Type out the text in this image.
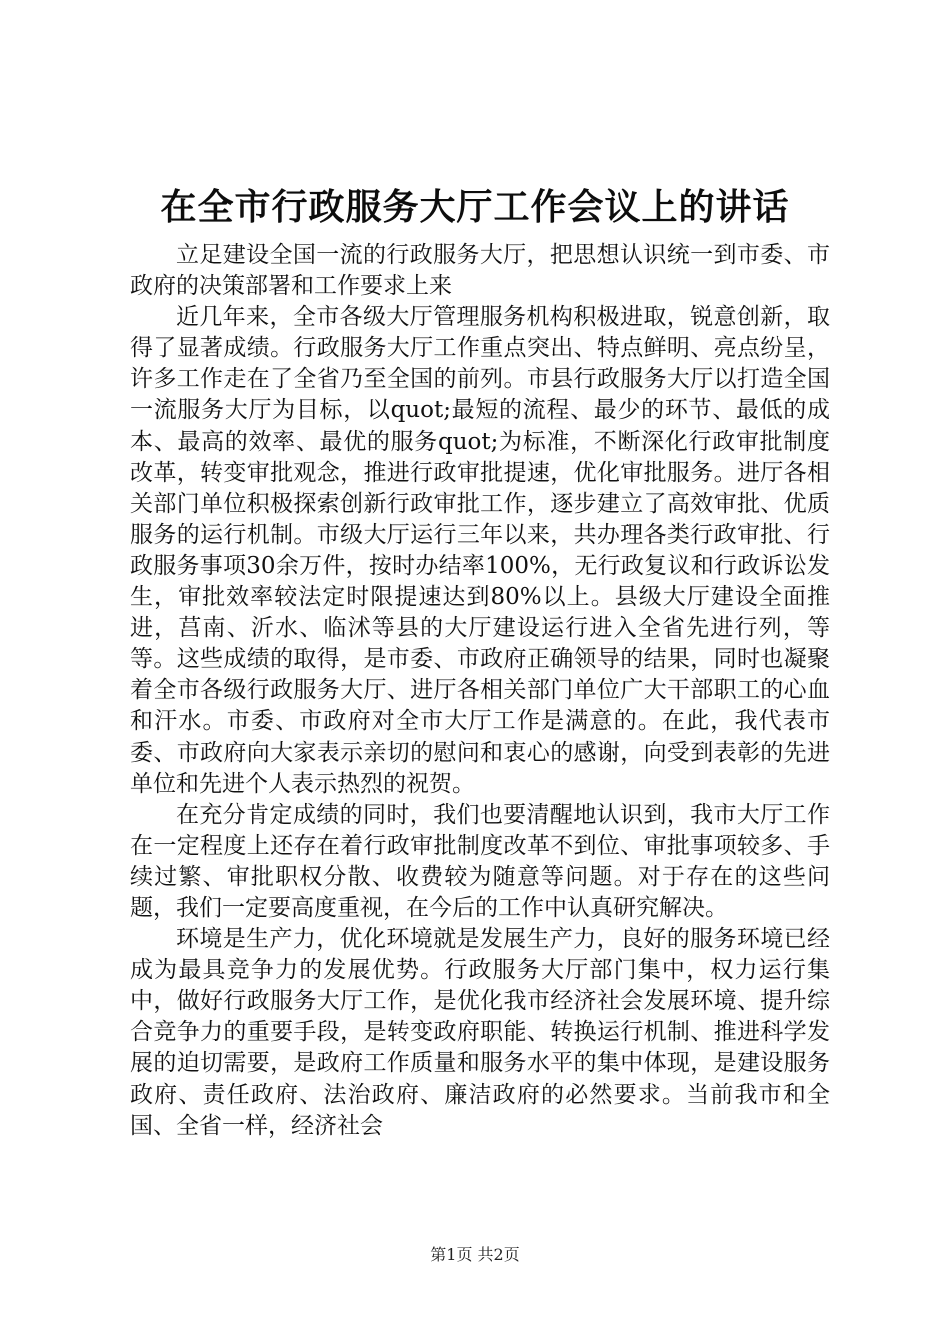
在全市行政服务大厅工作会议上的讲话

立足建设全国一流的行政服务大厅，把思想认识统一到市委、市政府的决策部署和工作要求上来

近几年来，全市各级大厅管理服务机构积极进取，锐意创新，取得了显著成绩。行政服务大厅工作重点突出、特点鲜明、亮点纷呈，许多工作走在了全省乃至全国的前列。市县行政服务大厅以打造全国一流服务大厅为目标，以quot;最短的流程、最少的环节、最低的成本、最高的效率、最优的服务quot;为标准，不断深化行政审批制度改革，转变审批观念，推进行政审批提速，优化审批服务。进厅各相关部门单位积极探索创新行政审批工作，逐步建立了高效审批、优质服务的运行机制。市级大厅运行三年以来，共办理各类行政审批、行政服务事项30余万件，按时办结率100%，无行政复议和行政诉讼发生，审批效率较法定时限提速达到80%以上。县级大厅建设全面推进，莒南、沂水、临沭等县的大厅建设运行进入全省先进行列，等等。这些成绩的取得，是市委、市政府正确领导的结果，同时也凝聚着全市各级行政服务大厅、进厅各相关部门单位广大干部职工的心血和汗水。市委、市政府对全市大厅工作是满意的。在此，我代表市委、市政府向大家表示亲切的慰问和衷心的感谢，向受到表彰的先进单位和先进个人表示热烈的祝贺。

在充分肯定成绩的同时，我们也要清醒地认识到，我市大厅工作在一定程度上还存在着行政审批制度改革不到位、审批事项较多、手续过繁、审批职权分散、收费较为随意等问题。对于存在的这些问题，我们一定要高度重视，在今后的工作中认真研究解决。

环境是生产力，优化环境就是发展生产力，良好的服务环境已经成为最具竞争力的发展优势。行政服务大厅部门集中，权力运行集中，做好行政服务大厅工作，是优化我市经济社会发展环境、提升综合竞争力的重要手段，是转变政府职能、转换运行机制、推进科学发展的迫切需要，是政府工作质量和服务水平的集中体现，是建设服务政府、责任政府、法治政府、廉洁政府的必然要求。当前我市和全国、全省一样，经济社会

第1页 共2页
